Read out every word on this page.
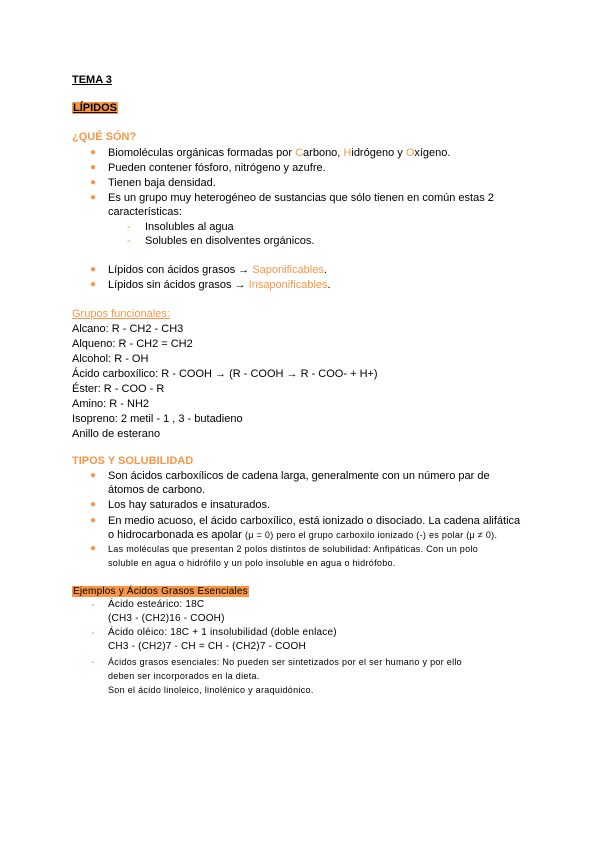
TEMA 3
LÍPIDOS
¿QUÉ SÓN?
● Biomoléculas orgánicas formadas por Carbono, Hidrógeno y Oxígeno.
● Pueden contener fósforo, nitrógeno y azufre.
● Tienen baja densidad.
● Es un grupo muy heterogéneo de sustancias que sólo tienen en común estas 2
características:
- Insolubles al agua
- Solubles en disolventes orgánicos.
● Lípidos con ácidos grasos → Saponificables.
● Lípidos sin ácidos grasos → Insaponificables.
Grupos funcionales:
Alcano: R - CH2 - CH3
Alqueno: R - CH2 = CH2
Alcohol: R - OH
Ácido carboxílico: R - COOH → (R - COOH → R - COO- + H+)
Éster: R - COO - R
Amino: R - NH2
Isopreno: 2 metil - 1 , 3 - butadieno
Anillo de esterano
TIPOS Y SOLUBILIDAD
● Son ácidos carboxílicos de cadena larga, generalmente con un número par de
átomos de carbono.
● Los hay saturados e insaturados.
● En medio acuoso, el ácido carboxílico, está ionizado o disociado. La cadena alifática
o hidrocarbonada es apolar (μ = 0) pero el grupo carboxilo ionizado (-) es polar (μ ≠ 0).
● Las moléculas que presentan 2 polos distintos de solubilidad: Anfipáticas. Con un polo
soluble en agua o hidrófilo y un polo insoluble en agua o hidrófobo.
Ejemplos y Ácidos Grasos Esenciales
- Ácido esteárico: 18C
(CH3 - (CH2)16 - COOH)
- Ácido oléico: 18C + 1 insolubilidad (doble enlace)
CH3 - (CH2)7 - CH = CH - (CH2)7 - COOH
- Ácidos grasos esenciales: No pueden ser sintetizados por el ser humano y por ello
deben ser incorporados en la dieta.
Son el ácido linoleico, linolénico y araquidónico.
